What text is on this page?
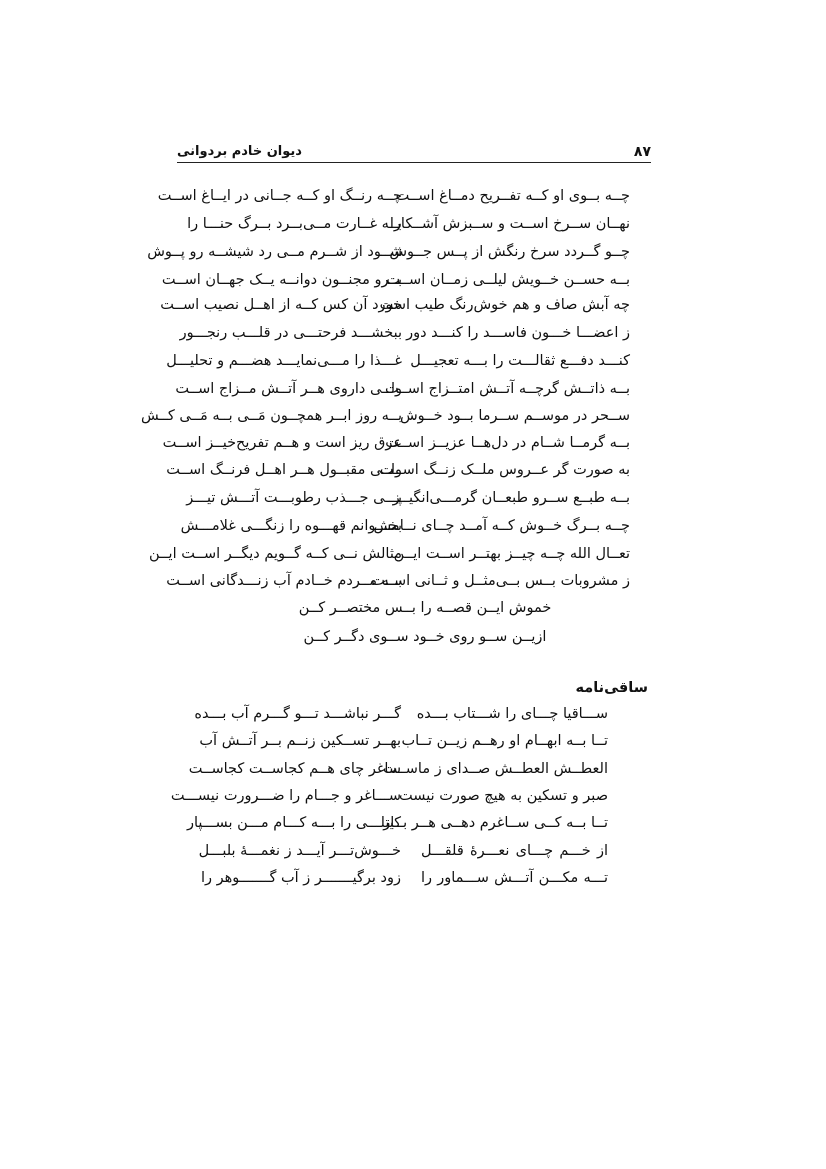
۸۷
دیوان خادم بردوانی
چــه بــوی او کــه تفــریح دمــاغ اســت
چــه رنــگ او کــه جــانی در ایــاغ اســت
نهــان ســرخ اســت و ســبزش آشــکارا
بــه غــارت مــی‌بــرد بــرگ حنـــا را
چــو گــردد سرخ رنگش از پــس جــوش
شــود از شــرم مــی رد شیشــه رو پــوش
بــه حســن خــویش لیلــی زمــان اســت
بــرو مجنــون دوانــه یــک جهــان اســت
چه آبش صاف و هم خوش‌رنگ طیب است
خورد آن کس کــه از اهــل نصیب اســت
ز اعضـــا خـــون فاســـد را کنـــد دور
ببخشـــد فرحتـــی در قلـــب رنجـــور
کنـــد دفـــع ثقالـــت را بـــه تعجیـــل
غـــذا را مـــی‌نمایـــد هضـــم و تحلیـــل
بــه ذاتــش گرچــه آتــش امتــزاج اســت
ولــی داروی هــر آتــش مــزاج اســت
ســحر در موســم ســرما بــود خــوش
بــه روز ابــر همچــون مَــی بــه مَــی کــش
بــه گرمــا شــام در دل‌هــا عزیــز اســت
عرق ریز است و هــم تفریح‌خیــز اســت
به صورت گر عــروس ملــک زنــگ اســت
ولــی مقبــول هــر اهــل فرنــگ اســت
بــه طبــع ســرو طبعــان گرمـــی‌انگیــز
پـــی جـــذب رطوبـــت آتـــش تیـــز
چــه بــرگ خــوش کــه آمــد چــای نــامش
بخـــوانم قهـــوه را زنگـــی غلامـــش
تعــال الله چــه چیــز بهتــر اســت ایــن
مثالش نــی کــه گــویم دیگــر اســت ایــن
ز مشروبات بــس بــی‌مثــل و ثــانی اســت
بــه مــردم خــادم آب زنـــدگانی اســت
خموش ایــن قصــه را بــس مختصــر کــن
ازیــن ســو روی خــود ســوی دگــر کــن
ساقی‌نامه
ســـاقیا چـــای را شـــتاب بـــده
گـــر نباشـــد تـــو گـــرم آب بـــده
تــا بــه ابهــام او رهــم زیــن تــاب
بهــر تســکین زنــم بــر آتــش آب
العطــش العطــش صــدای ز ماســت
ساغر چای هــم کجاســت کجاســت
صبر و تسکین به هیچ صورت نیست
ســـاغر و جـــام را ضـــرورت نیســـت
تــا بــه کــی ســاغرم دهــی هــر بــار
کیتلـــی را بـــه کـــام مـــن بســـپار
از خـــم چـــای نعـــرهٔ قلقـــل
خـــوش‌تـــر آیـــد ز نغمـــهٔ بلبـــل
تـــه مکـــن آتـــش ســـماور را
زود برگیـــــــر ز آب گـــــــوهر را
